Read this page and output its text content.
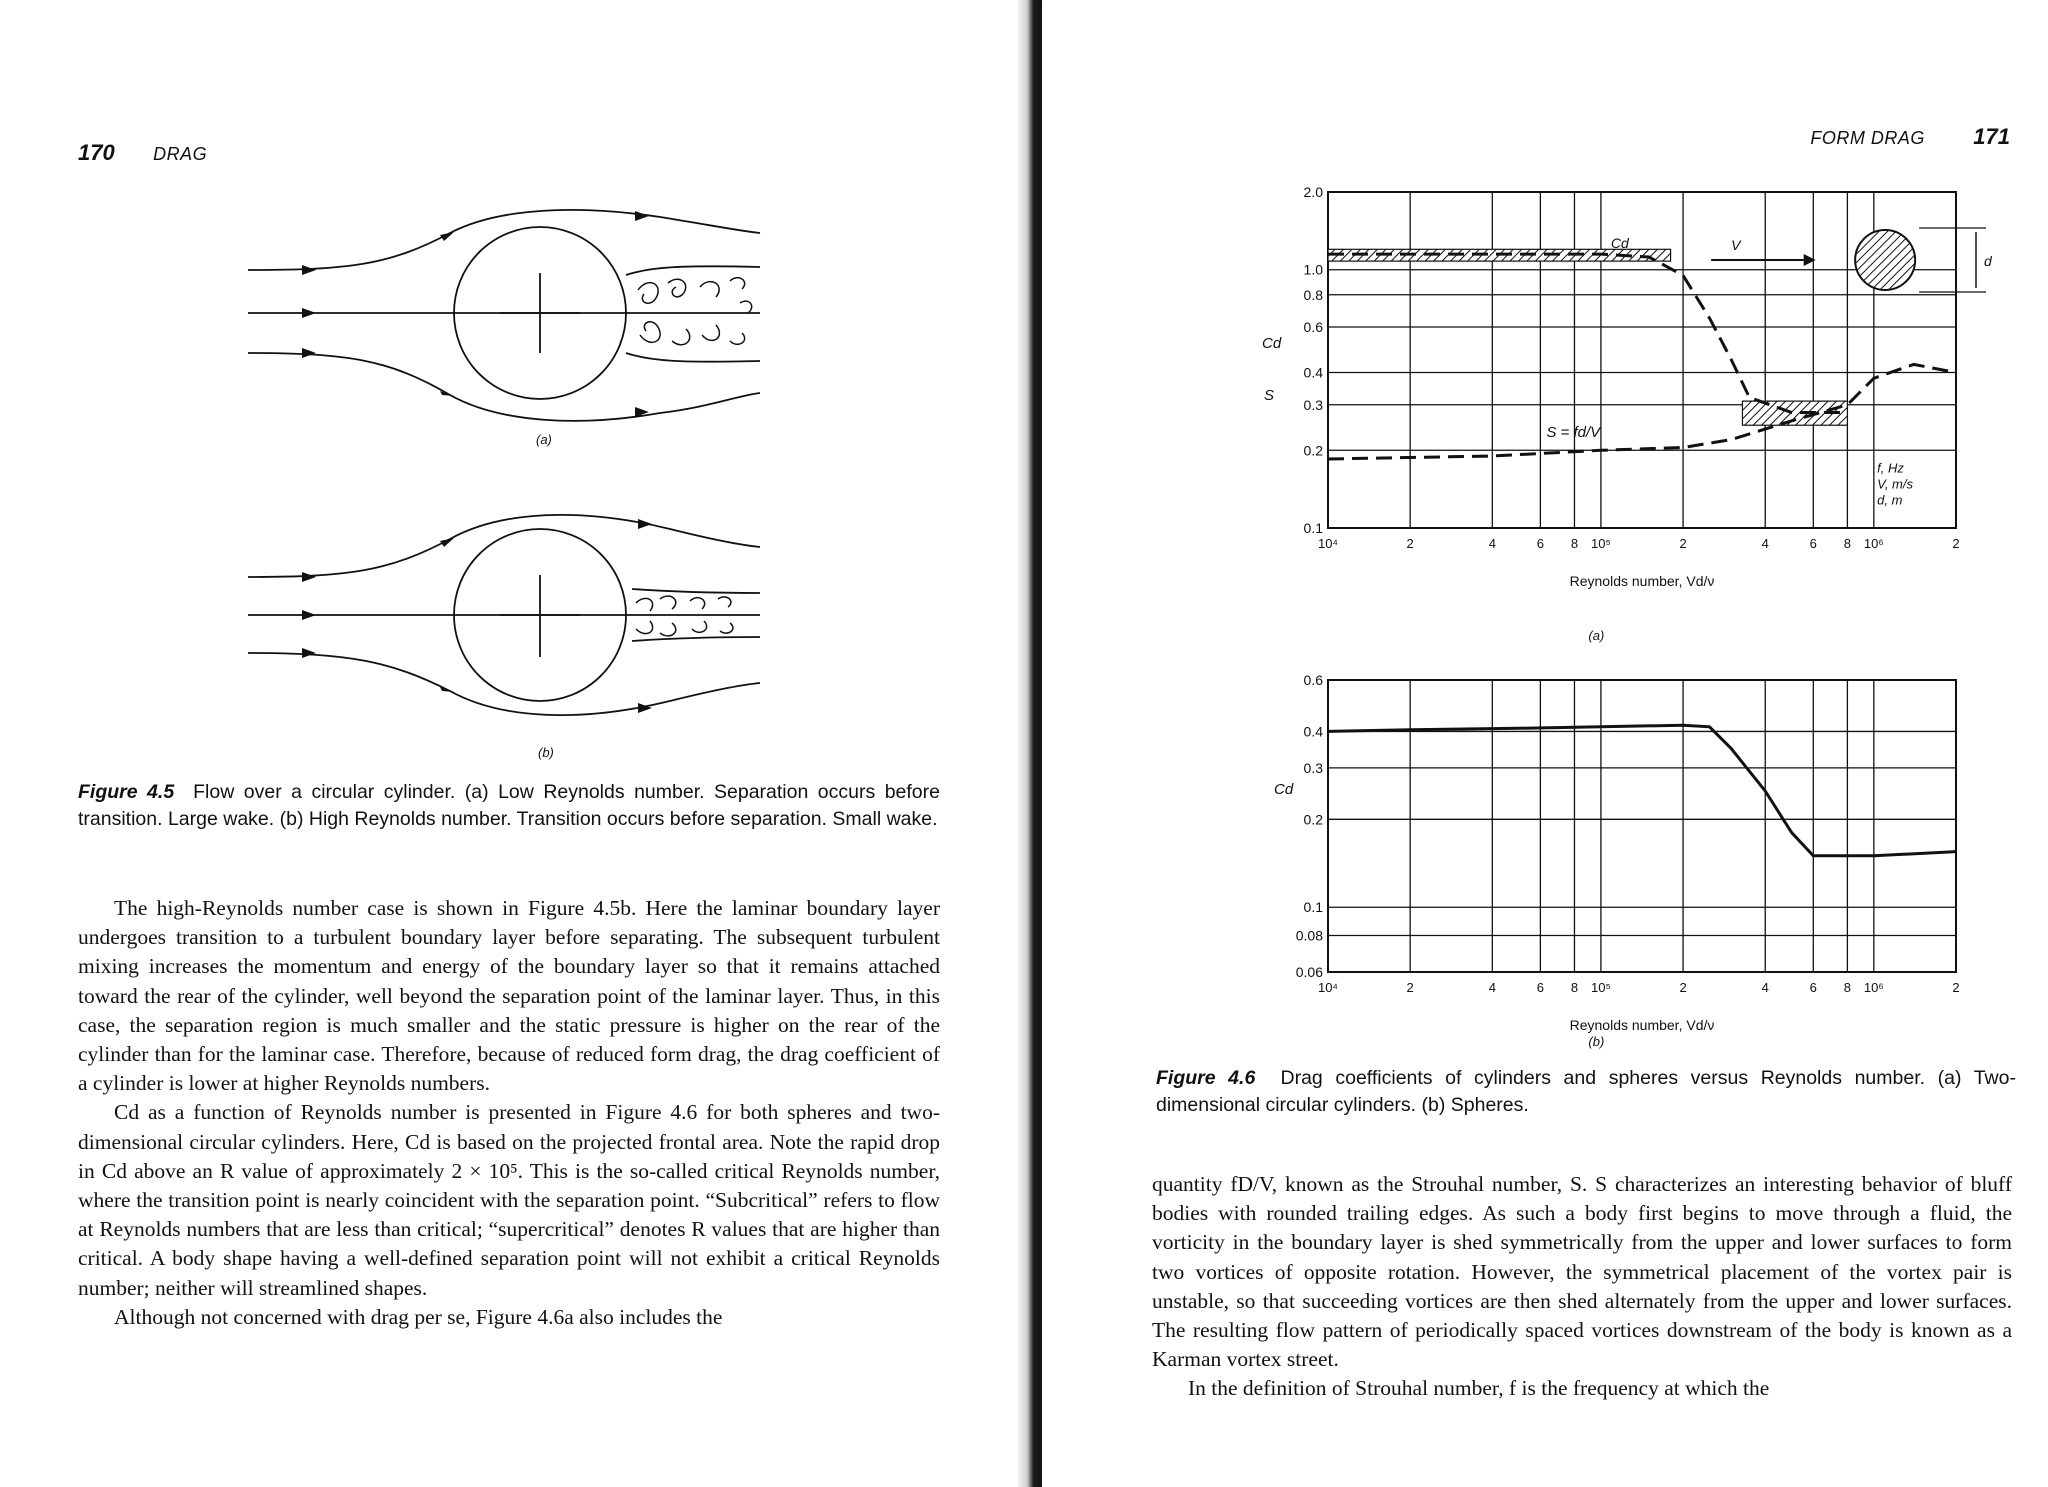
170 DRAG
(a)
(b)

Figure 4.5 Flow over a circular cylinder. (a) Low Reynolds number. Separation occurs before transition. Large wake. (b) High Reynolds number. Transition occurs before separation. Small wake.

The high-Reynolds number case is shown in Figure 4.5b. Here the laminar boundary layer undergoes transition to a turbulent boundary layer before separating. The subsequent turbulent mixing increases the momentum and energy of the boundary layer so that it remains attached toward the rear of the cylinder, well beyond the separation point of the laminar layer. Thus, in this case, the separation region is much smaller and the static pressure is higher on the rear of the cylinder than for the laminar case. Therefore, because of reduced form drag, the drag coefficient of a cylinder is lower at higher Reynolds numbers.

Cd as a function of Reynolds number is presented in Figure 4.6 for both spheres and two-dimensional circular cylinders. Here, Cd is based on the projected frontal area. Note the rapid drop in Cd above an R value of approximately 2 × 10⁵. This is the so-called critical Reynolds number, where the transition point is nearly coincident with the separation point. “Subcritical” refers to flow at Reynolds numbers that are less than critical; “supercritical” denotes R values that are higher than critical. A body shape having a well-defined separation point will not exhibit a critical Reynolds number; neither will streamlined shapes.

Although not concerned with drag per se, Figure 4.6a also includes the

FORM DRAG 171
10⁴	2	4	6 8 10⁵	2	4	6 8 10⁶	2
0.1
0.2
0.3
0.4
0.6
0.8
1.0
2.0
Reynolds number, Vd/ν
Cd
S
Cd	V
d
S = fd/V
f, Hz
V, m/s
d, m
(a)
10⁴	2	4	6 8 10⁵	2	4	6 8 10⁶	2
0.06
0.08
0.1
0.2
0.3
0.4
0.6
Reynolds number, Vd/ν
Cd
(b)

Figure 4.6 Drag coefficients of cylinders and spheres versus Reynolds number. (a) Two-dimensional circular cylinders. (b) Spheres.

quantity fD/V, known as the Strouhal number, S. S characterizes an interesting behavior of bluff bodies with rounded trailing edges. As such a body first begins to move through a fluid, the vorticity in the boundary layer is shed symmetrically from the upper and lower surfaces to form two vortices of opposite rotation. However, the symmetrical placement of the vortex pair is unstable, so that succeeding vortices are then shed alternately from the upper and lower surfaces. The resulting flow pattern of periodically spaced vortices downstream of the body is known as a Karman vortex street.

In the definition of Strouhal number, f is the frequency at which the
